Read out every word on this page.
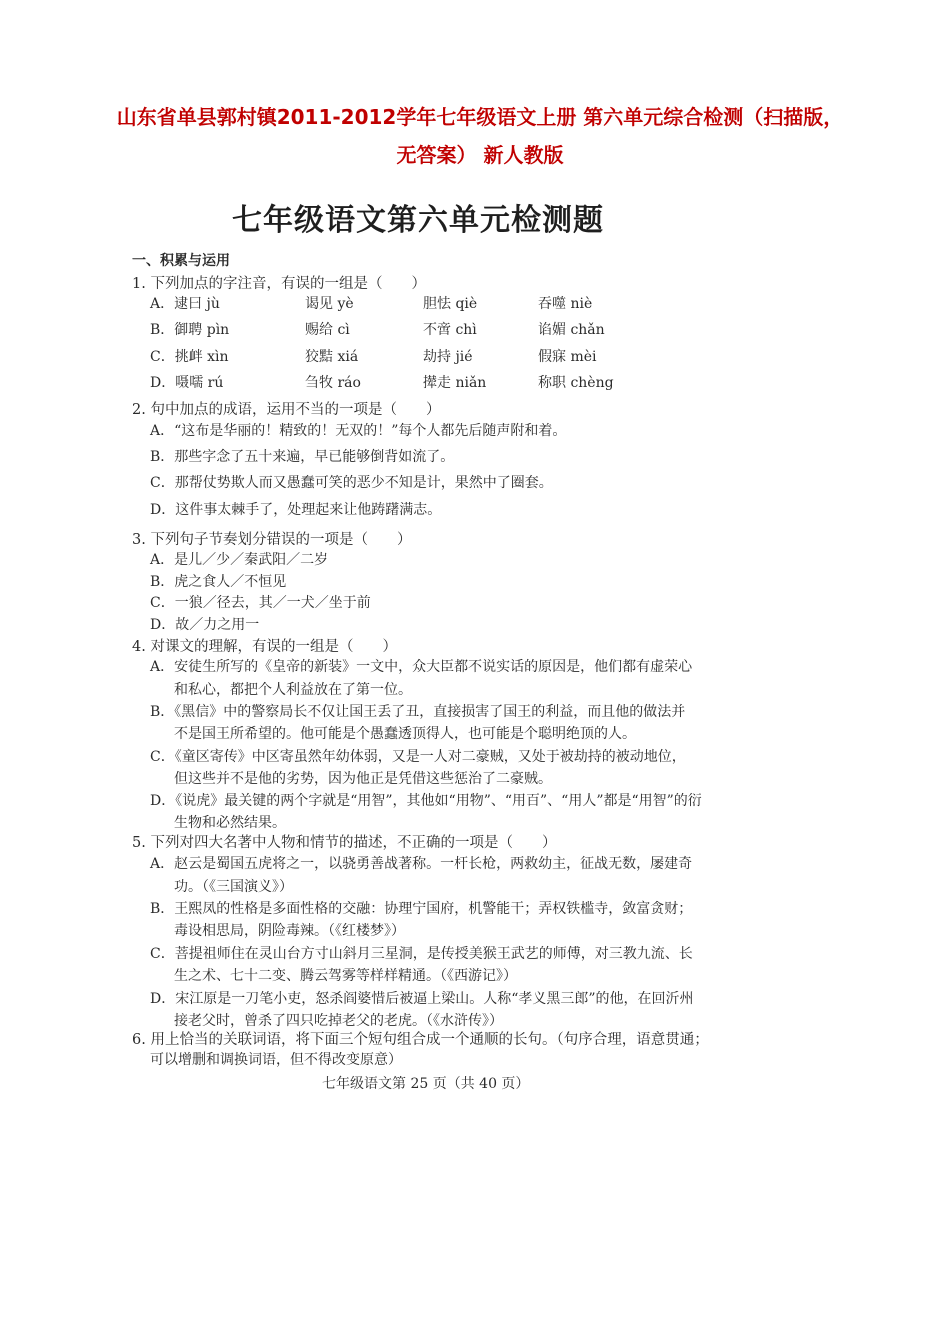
山东省单县郭村镇2011-2012学年七年级语文上册 第六单元综合检测（扫描版，
无答案） 新人教版
七年级语文第六单元检测题
一、积累与运用
1. 下列加点的字注音，有误的一组是（　　）
A．逮曰 jù	谒见 yè	胆怯 qiè	吞噬 niè
B．御聘 pìn	赐给 cì	不啻 chì	谄媚 chǎn
C．挑衅 xìn	狡黠 xiá	劫持 jié	假寐 mèi
D．嗫嚅 rú	刍牧 ráo	撵走 niǎn	称职 chèng
2. 句中加点的成语，运用不当的一项是（　　）
A．“这布是华丽的！精致的！无双的！”每个人都先后随声附和着。
B．那些字念了五十来遍，早已能够倒背如流了。
C．那帮仗势欺人而又愚蠢可笑的恶少不知是计，果然中了圈套。
D．这件事太棘手了，处理起来让他踌躇满志。
3. 下列句子节奏划分错误的一项是（　　）
A．是儿／少／秦武阳／二岁
B．虎之食人／不恒见
C．一狼／径去，其／一犬／坐于前
D．故／力之用一
4. 对课文的理解，有误的一组是（　　）
A．安徒生所写的《皇帝的新装》一文中，众大臣都不说实话的原因是，他们都有虚荣心
和私心，都把个人利益放在了第一位。
B．《黑信》中的警察局长不仅让国王丢了丑，直接损害了国王的利益，而且他的做法并
不是国王所希望的。他可能是个愚蠢透顶得人，也可能是个聪明绝顶的人。
C．《童区寄传》中区寄虽然年幼体弱，又是一人对二豪贼，又处于被劫持的被动地位，
但这些并不是他的劣势，因为他正是凭借这些惩治了二豪贼。
D．《说虎》最关键的两个字就是“用智”，其他如“用物”、“用百”、“用人”都是“用智”的衍
生物和必然结果。
5. 下列对四大名著中人物和情节的描述，不正确的一项是（　　）
A．赵云是蜀国五虎将之一，以骁勇善战著称。一杆长枪，两救幼主，征战无数，屡建奇
功。（《三国演义》）
B．王熙凤的性格是多面性格的交融：协理宁国府，机警能干；弄权铁槛寺，敛富贪财；
毒设相思局，阴险毒辣。（《红楼梦》）
C．菩提祖师住在灵山台方寸山斜月三星洞，是传授美猴王武艺的师傅，对三教九流、长
生之术、七十二变、腾云驾雾等样样精通。（《西游记》）
D．宋江原是一刀笔小吏，怒杀阎婆惜后被逼上梁山。人称“孝义黑三郎”的他，在回沂州
接老父时，曾杀了四只吃掉老父的老虎。（《水浒传》）
6. 用上恰当的关联词语，将下面三个短句组合成一个通顺的长句。（句序合理，语意贯通；
可以增删和调换词语，但不得改变原意）
七年级语文第 25 页（共 40 页）
